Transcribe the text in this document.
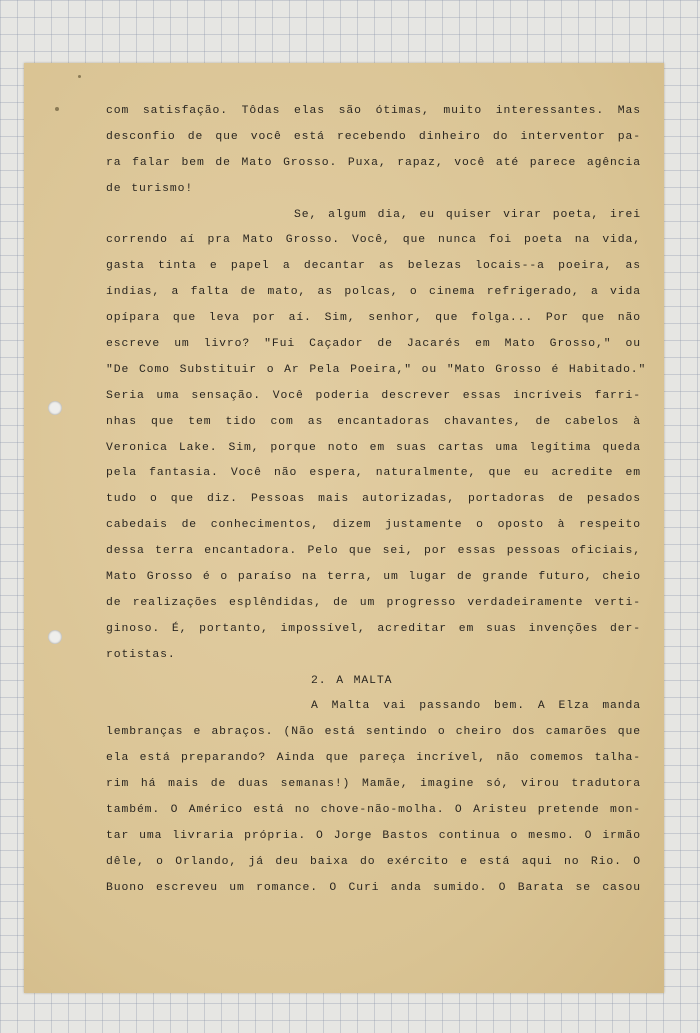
com satisfação. Tôdas elas são ótimas, muito interessantes. Mas
desconfio de que você está recebendo dinheiro do interventor pa-
ra falar bem de Mato Grosso. Puxa, rapaz, você até parece agência
de turismo!
Se, algum dia, eu quiser virar poeta, irei
correndo aí pra Mato Grosso. Você, que nunca foi poeta na vida,
gasta tinta e papel a decantar as belezas locais--a poeira, as
índias, a falta de mato, as polcas, o cinema refrigerado, a vida
opípara que leva por aí. Sim, senhor, que folga... Por que não
escreve um livro? "Fui Caçador de Jacarés em Mato Grosso," ou
"De Como Substituir o Ar Pela Poeira," ou "Mato Grosso é Habitado."
Seria uma sensação. Você poderia descrever essas incríveis farri-
nhas que tem tido com as encantadoras chavantes, de cabelos à
Veronica Lake. Sim, porque noto em suas cartas uma legítima queda
pela fantasia. Você não espera, naturalmente, que eu acredite em
tudo o que diz. Pessoas mais autorizadas, portadoras de pesados
cabedais de conhecimentos, dizem justamente o oposto à respeito
dessa terra encantadora. Pelo que sei, por essas pessoas oficiais,
Mato Grosso é o paraíso na terra, um lugar de grande futuro, cheio
de realizações esplêndidas, de um progresso verdadeiramente verti-
ginoso. É, portanto, impossível, acreditar em suas invenções der-
rotistas.
2. A MALTA
A Malta vai passando bem. A Elza manda
lembranças e abraços. (Não está sentindo o cheiro dos camarões que
ela está preparando? Ainda que pareça incrível, não comemos talha-
rim há mais de duas semanas!) Mamãe, imagine só, virou tradutora
também. O Américo está no chove-não-molha. O Aristeu pretende mon-
tar uma livraria própria. O Jorge Bastos continua o mesmo. O irmão
dêle, o Orlando, já deu baixa do exército e está aqui no Rio. O
Buono escreveu um romance. O Curi anda sumido. O Barata se casou
